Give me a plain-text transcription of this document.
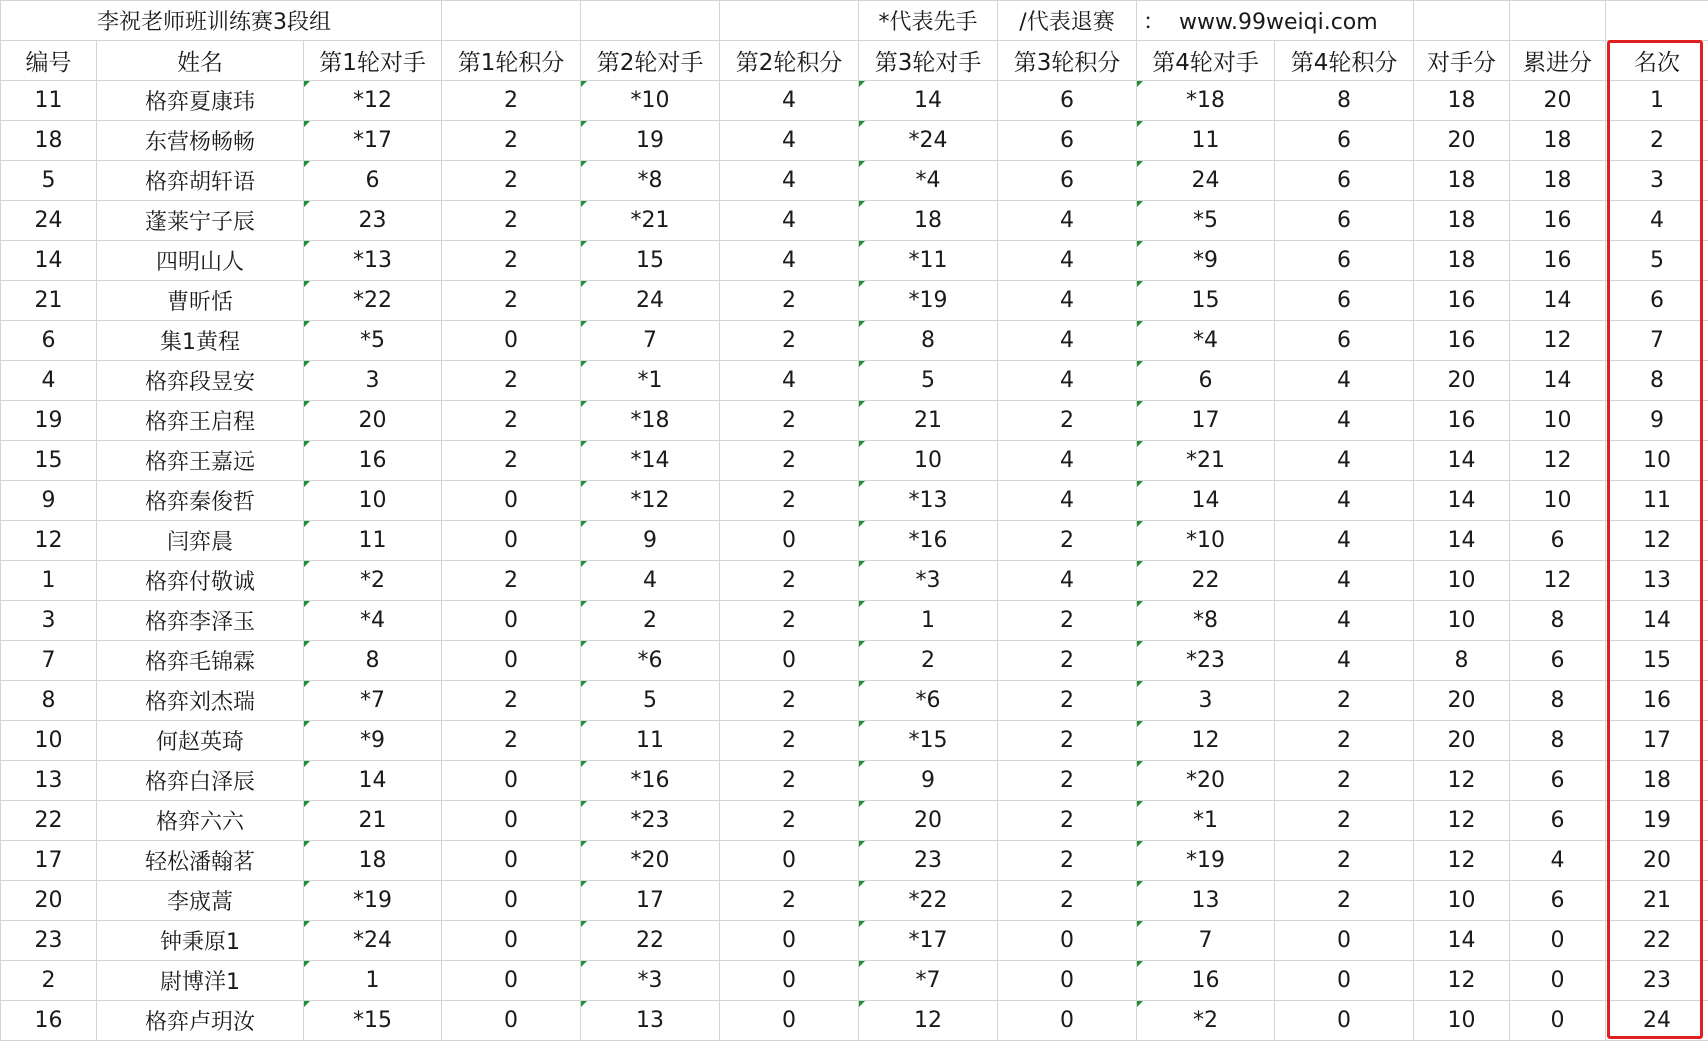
李祝老师班训练赛3段组						*代表先手	/代表退赛	： www.99weiqi.com				
编号	姓名	第1轮对手	第1轮积分	第2轮对手	第2轮积分	第3轮对手	第3轮积分	第4轮对手	第4轮积分	对手分	累进分	名次
11	格弈夏康玮	*12	2	*10	4	14	6	*18	8	18	20	1
18	东营杨畅畅	*17	2	19	4	*24	6	11	6	20	18	2
5	格弈胡轩语	6	2	*8	4	*4	6	24	6	18	18	3
24	蓬莱宁子辰	23	2	*21	4	18	4	*5	6	18	16	4
14	四明山人	*13	2	15	4	*11	4	*9	6	18	16	5
21	曹昕恬	*22	2	24	2	*19	4	15	6	16	14	6
6	集1黄程	*5	0	7	2	8	4	*4	6	16	12	7
4	格弈段昱安	3	2	*1	4	5	4	6	4	20	14	8
19	格弈王启程	20	2	*18	2	21	2	17	4	16	10	9
15	格弈王嘉远	16	2	*14	2	10	4	*21	4	14	12	10
9	格弈秦俊哲	10	0	*12	2	*13	4	14	4	14	10	11
12	闫弈晨	11	0	9	0	*16	2	*10	4	14	6	12
1	格弈付敬诚	*2	2	4	2	*3	4	22	4	10	12	13
3	格弈李泽玉	*4	0	2	2	1	2	*8	4	10	8	14
7	格弈毛锦霖	8	0	*6	0	2	2	*23	4	8	6	15
8	格弈刘杰瑞	*7	2	5	2	*6	2	3	2	20	8	16
10	何赵英琦	*9	2	11	2	*15	2	12	2	20	8	17
13	格弈白泽辰	14	0	*16	2	9	2	*20	2	12	6	18
22	格弈六六	21	0	*23	2	20	2	*1	2	12	6	19
17	轻松潘翰茗	18	0	*20	0	23	2	*19	2	12	4	20
20	李宬蒿	*19	0	17	2	*22	2	13	2	10	6	21
23	钟秉原1	*24	0	22	0	*17	0	7	0	14	0	22
2	尉博洋1	1	0	*3	0	*7	0	16	0	12	0	23
16	格弈卢玥汝	*15	0	13	0	12	0	*2	0	10	0	24
